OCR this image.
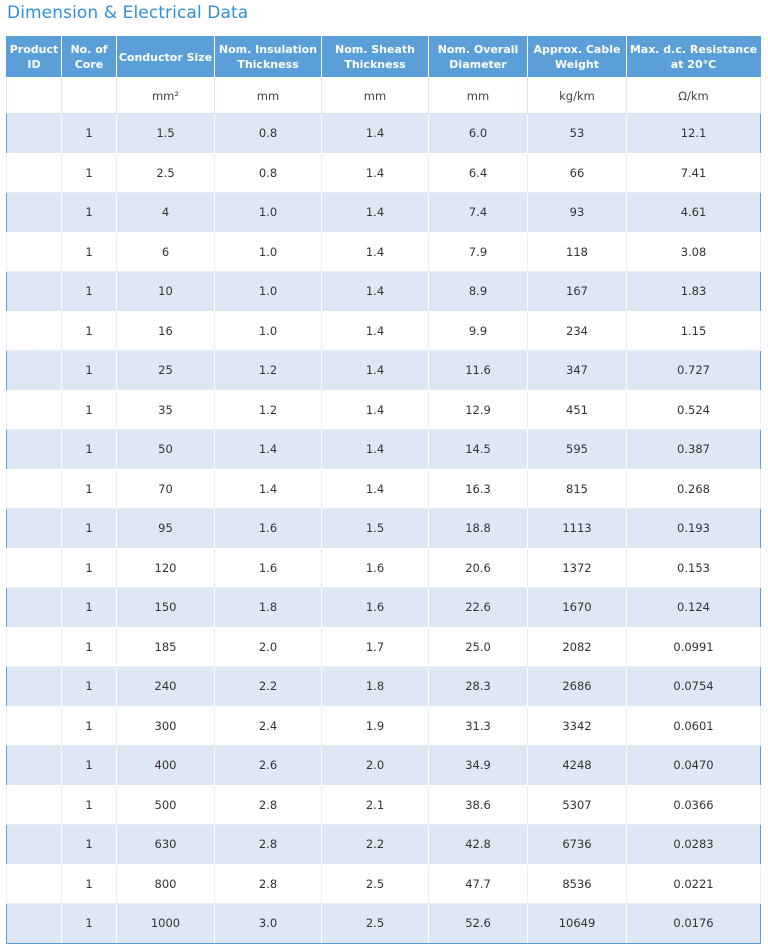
Dimension & Electrical Data
Product ID	No. of Core	Conductor Size	Nom. Insulation Thickness	Nom. Sheath Thickness	Nom. Overall Diameter	Approx. Cable Weight	Max. d.c. Resistance at 20°C
		mm²	mm	mm	mm	kg/km	Ω/km
	1	1.5	0.8	1.4	6.0	53	12.1
	1	2.5	0.8	1.4	6.4	66	7.41
	1	4	1.0	1.4	7.4	93	4.61
	1	6	1.0	1.4	7.9	118	3.08
	1	10	1.0	1.4	8.9	167	1.83
	1	16	1.0	1.4	9.9	234	1.15
	1	25	1.2	1.4	11.6	347	0.727
	1	35	1.2	1.4	12.9	451	0.524
	1	50	1.4	1.4	14.5	595	0.387
	1	70	1.4	1.4	16.3	815	0.268
	1	95	1.6	1.5	18.8	1113	0.193
	1	120	1.6	1.6	20.6	1372	0.153
	1	150	1.8	1.6	22.6	1670	0.124
	1	185	2.0	1.7	25.0	2082	0.0991
	1	240	2.2	1.8	28.3	2686	0.0754
	1	300	2.4	1.9	31.3	3342	0.0601
	1	400	2.6	2.0	34.9	4248	0.0470
	1	500	2.8	2.1	38.6	5307	0.0366
	1	630	2.8	2.2	42.8	6736	0.0283
	1	800	2.8	2.5	47.7	8536	0.0221
	1	1000	3.0	2.5	52.6	10649	0.0176
